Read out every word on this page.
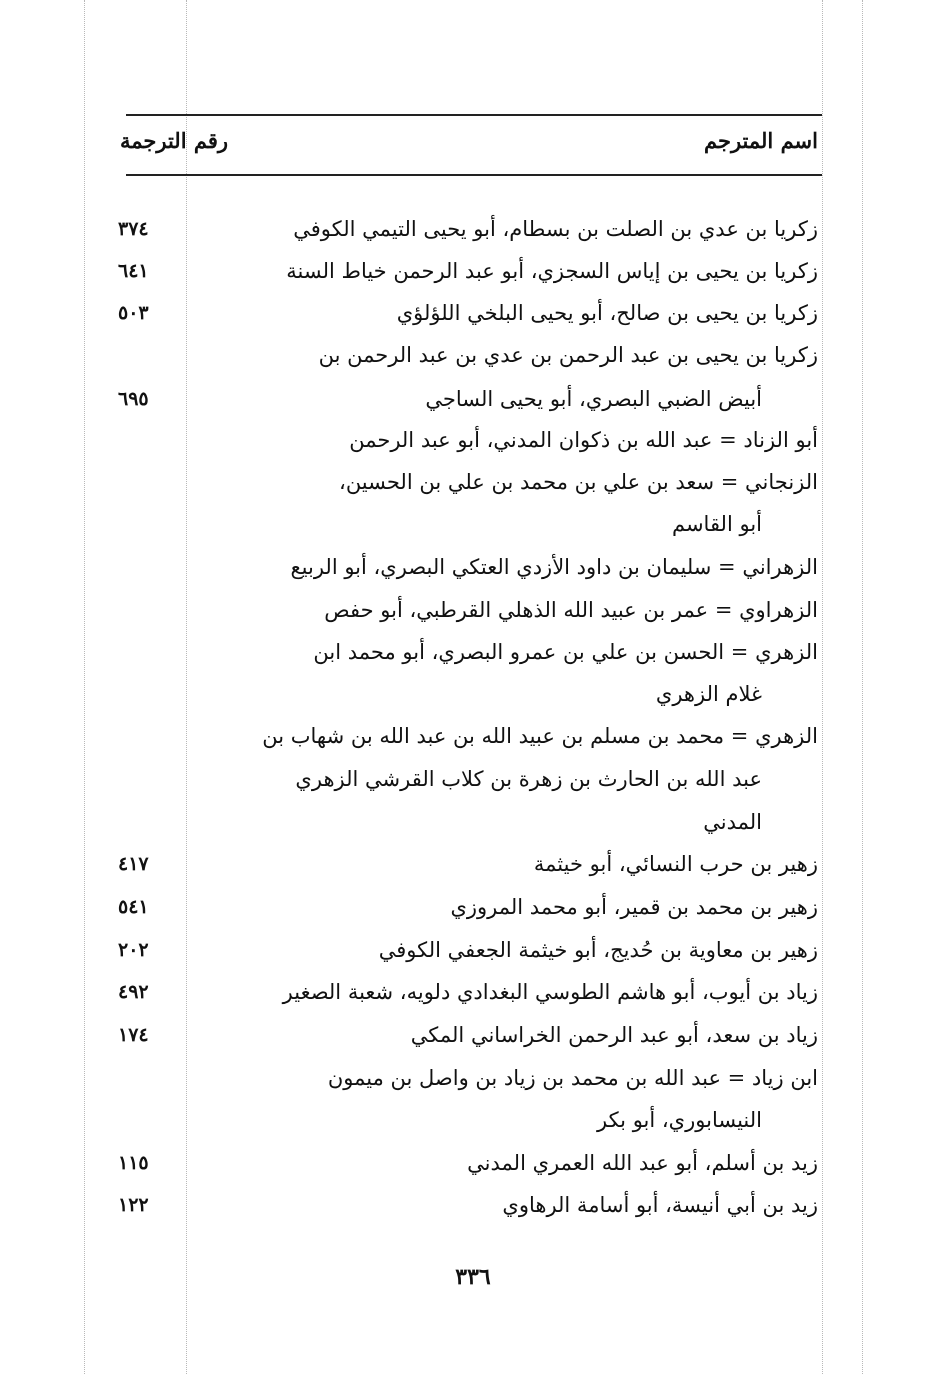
اسم المترجم
رقم الترجمة
زكريا بن عدي بن الصلت بن بسطام، أبو يحيى التيمي الكوفي
٣٧٤
زكريا بن يحيى بن إياس السجزي، أبو عبد الرحمن خياط السنة
٦٤١
زكريا بن يحيى بن صالح، أبو يحيى البلخي اللؤلؤي
٥٠٣
زكريا بن يحيى بن عبد الرحمن بن عدي بن عبد الرحمن بن
أبيض الضبي البصري، أبو يحيى الساجي
٦٩٥
أبو الزناد = عبد الله بن ذكوان المدني، أبو عبد الرحمن
الزنجاني = سعد بن علي بن محمد بن علي بن الحسين،
أبو القاسم
الزهراني = سليمان بن داود الأزدي العتكي البصري، أبو الربيع
الزهراوي = عمر بن عبيد الله الذهلي القرطبي، أبو حفص
الزهري = الحسن بن علي بن عمرو البصري، أبو محمد ابن
غلام الزهري
الزهري = محمد بن مسلم بن عبيد الله بن عبد الله بن شهاب بن
عبد الله بن الحارث بن زهرة بن كلاب القرشي الزهري
المدني
زهير بن حرب النسائي، أبو خيثمة
٤١٧
زهير بن محمد بن قمير، أبو محمد المروزي
٥٤١
زهير بن معاوية بن حُديج، أبو خيثمة الجعفي الكوفي
٢٠٢
زياد بن أيوب، أبو هاشم الطوسي البغدادي دلويه، شعبة الصغير
٤٩٢
زياد بن سعد، أبو عبد الرحمن الخراساني المكي
١٧٤
ابن زياد = عبد الله بن محمد بن زياد بن واصل بن ميمون
النيسابوري، أبو بكر
زيد بن أسلم، أبو عبد الله العمري المدني
١١٥
زيد بن أبي أنيسة، أبو أسامة الرهاوي
١٢٢
٣٣٦
